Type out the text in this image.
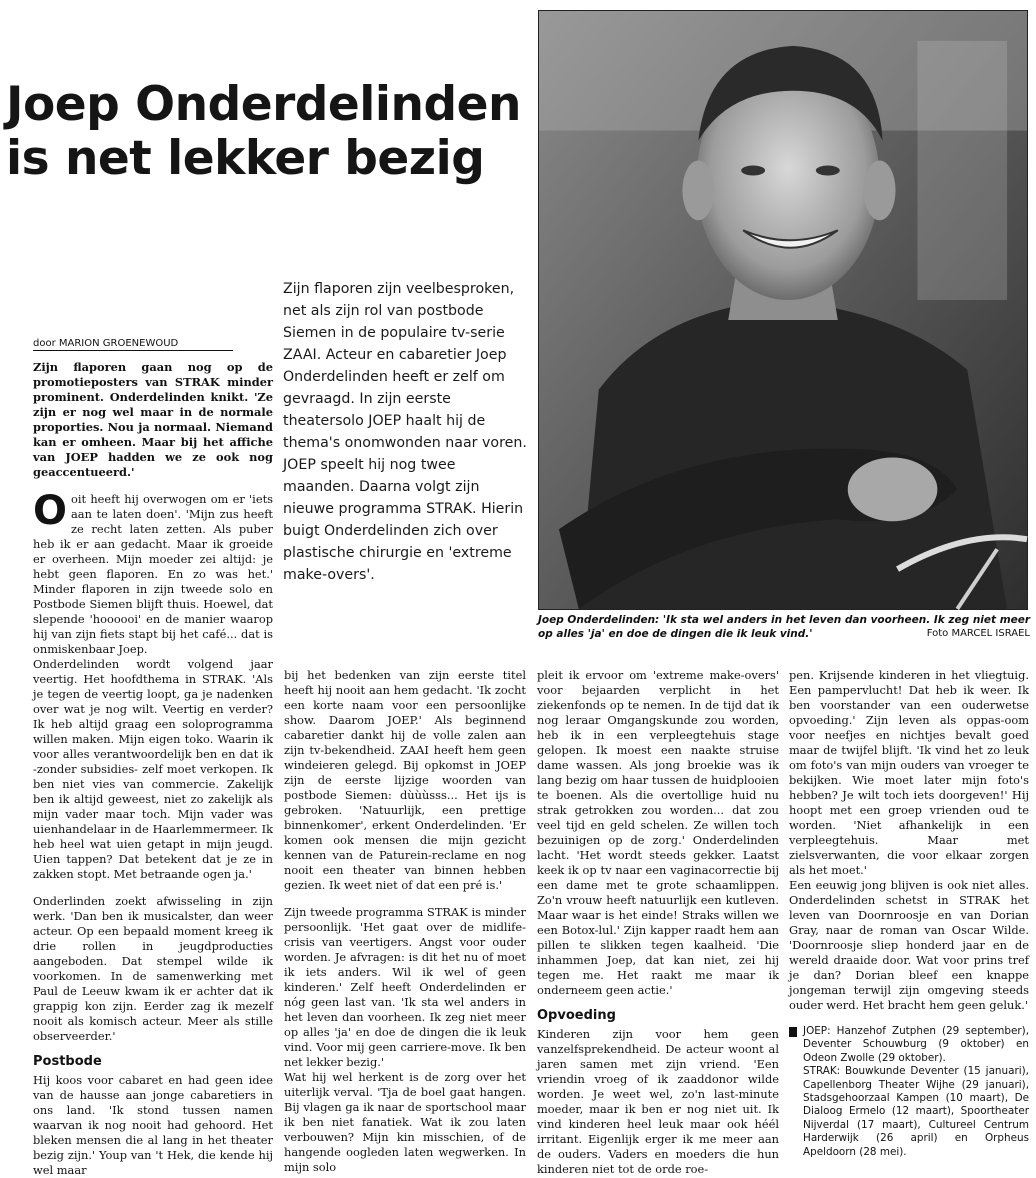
Joep Onderdelinden
is net lekker bezig
Joep Onderdelinden: 'Ik sta wel anders in het leven dan voorheen. Ik zeg niet meer op alles 'ja' en doe de dingen die ik leuk vind.'	Foto MARCEL ISRAEL
Zijn flaporen zijn veelbesproken, net als zijn rol van postbode Siemen in de populaire tv-serie ZAAI. Acteur en cabaretier Joep Onderdelinden heeft er zelf om gevraagd. In zijn eerste theatersolo JOEP haalt hij de thema's onomwonden naar voren. JOEP speelt hij nog twee maanden. Daarna volgt zijn nieuwe programma STRAK. Hierin buigt Onderdelinden zich over plastische chirurgie en 'extreme make-overs'.
door MARION GROENEWOUD

Zijn flaporen gaan nog op de promotieposters van STRAK minder prominent. Onderdelinden knikt. 'Ze zijn er nog wel maar in de normale proporties. Nou ja normaal. Niemand kan er omheen. Maar bij het affiche van JOEP hadden we ze ook nog geaccentueerd.'

Ooit heeft hij overwogen om er 'iets aan te laten doen'. 'Mijn zus heeft ze recht laten zetten. Als puber heb ik er aan gedacht. Maar ik groeide er overheen. Mijn moeder zei altijd: je hebt geen flaporen. En zo was het.' Minder flaporen in zijn tweede solo en Postbode Siemen blijft thuis. Hoewel, dat slepende 'hoooooi' en de manier waarop hij van zijn fiets stapt bij het café... dat is onmiskenbaar Joep.

Onderdelinden wordt volgend jaar veertig. Het hoofdthema in STRAK. 'Als je tegen de veertig loopt, ga je nadenken over wat je nog wilt. Veertig en verder? Ik heb altijd graag een soloprogramma willen maken. Mijn eigen toko. Waarin ik voor alles verantwoordelijk ben en dat ik -zonder subsidies- zelf moet verkopen. Ik ben niet vies van commercie. Zakelijk ben ik altijd geweest, niet zo zakelijk als mijn vader maar toch. Mijn vader was uienhandelaar in de Haarlemmermeer. Ik heb heel wat uien getapt in mijn jeugd. Uien tappen? Dat betekent dat je ze in zakken stopt. Met betraande ogen ja.'

Onderlinden zoekt afwisseling in zijn werk. 'Dan ben ik musicalster, dan weer acteur. Op een bepaald moment kreeg ik drie rollen in jeugdproducties aangeboden. Dat stempel wilde ik voorkomen. In de samenwerking met Paul de Leeuw kwam ik er achter dat ik grappig kon zijn. Eerder zag ik mezelf nooit als komisch acteur. Meer als stille observeerder.'

Postbode

Hij koos voor cabaret en had geen idee van de hausse aan jonge cabaretiers in ons land. 'Ik stond tussen namen waarvan ik nog nooit had gehoord. Het bleken mensen die al lang in het theater bezig zijn.' Youp van 't Hek, die kende hij wel maar

bij het bedenken van zijn eerste titel heeft hij nooit aan hem gedacht. 'Ik zocht een korte naam voor een persoonlijke show. Daarom JOEP.' Als beginnend cabaretier dankt hij de volle zalen aan zijn tv-bekendheid. ZAAI heeft hem geen windeieren gelegd. Bij opkomst in JOEP zijn de eerste lijzige woorden van postbode Siemen: dùùùsss... Het ijs is gebroken. 'Natuurlijk, een prettige binnenkomer', erkent Onderdelinden. 'Er komen ook mensen die mijn gezicht kennen van de Paturein-reclame en nog nooit een theater van binnen hebben gezien. Ik weet niet of dat een pré is.'

Zijn tweede programma STRAK is minder persoonlijk. 'Het gaat over de midlife-crisis van veertigers. Angst voor ouder worden. Je afvragen: is dit het nu of moet ik iets anders. Wil ik wel of geen kinderen.' Zelf heeft Onderdelinden er nóg geen last van. 'Ik sta wel anders in het leven dan voorheen. Ik zeg niet meer op alles 'ja' en doe de dingen die ik leuk vind. Voor mij geen carriere-move. Ik ben net lekker bezig.'

Wat hij wel herkent is de zorg over het uiterlijk verval. 'Tja de boel gaat hangen. Bij vlagen ga ik naar de sportschool maar ik ben niet fanatiek. Wat ik zou laten verbouwen? Mijn kin misschien, of de hangende oogleden laten wegwerken. In mijn solo

pleit ik ervoor om 'extreme make-overs' voor bejaarden verplicht in het ziekenfonds op te nemen. In de tijd dat ik nog leraar Omgangskunde zou worden, heb ik in een verpleegtehuis stage gelopen. Ik moest een naakte struise dame wassen. Als jong broekie was ik lang bezig om haar tussen de huidplooien te boenen. Als die overtollige huid nu strak getrokken zou worden... dat zou veel tijd en geld schelen. Ze willen toch bezuinigen op de zorg.' Onderdelinden lacht. 'Het wordt steeds gekker. Laatst keek ik op tv naar een vaginacorrectie bij een dame met te grote schaamlippen. Zo'n vrouw heeft natuurlijk een kutleven. Maar waar is het einde! Straks willen we een Botox-lul.' Zijn kapper raadt hem aan pillen te slikken tegen kaalheid. 'Die inhammen Joep, dat kan niet, zei hij tegen me. Het raakt me maar ik onderneem geen actie.'

Opvoeding

Kinderen zijn voor hem geen vanzelfsprekendheid. De acteur woont al jaren samen met zijn vriend. 'Een vriendin vroeg of ik zaaddonor wilde worden. Je weet wel, zo'n last-minute moeder, maar ik ben er nog niet uit. Ik vind kinderen heel leuk maar ook héél irritant. Eigenlijk erger ik me meer aan de ouders. Vaders en moeders die hun kinderen niet tot de orde roe-

pen. Krijsende kinderen in het vliegtuig. Een pampervlucht! Dat heb ik weer. Ik ben voorstander van een ouderwetse opvoeding.' Zijn leven als oppas-oom voor neefjes en nichtjes bevalt goed maar de twijfel blijft. 'Ik vind het zo leuk om foto's van mijn ouders van vroeger te bekijken. Wie moet later mijn foto's hebben? Je wilt toch iets doorgeven!' Hij hoopt met een groep vrienden oud te worden. 'Niet afhankelijk in een verpleegtehuis. Maar met zielsverwanten, die voor elkaar zorgen als het moet.'

Een eeuwig jong blijven is ook niet alles. Onderdelinden schetst in STRAK het leven van Doornroosje en van Dorian Gray, naar de roman van Oscar Wilde. 'Doornroosje sliep honderd jaar en de wereld draaide door. Wat voor prins tref je dan? Dorian bleef een knappe jongeman terwijl zijn omgeving steeds ouder werd. Het bracht hem geen geluk.'

JOEP: Hanzehof Zutphen (29 september), Deventer Schouwburg (9 oktober) en Odeon Zwolle (29 oktober).

STRAK: Bouwkunde Deventer (15 januari), Capellenborg Theater Wijhe (29 januari), Stadsgehoorzaal Kampen (10 maart), De Dialoog Ermelo (12 maart), Spoortheater Nijverdal (17 maart), Cultureel Centrum Harderwijk (26 april) en Orpheus Apeldoorn (28 mei).
